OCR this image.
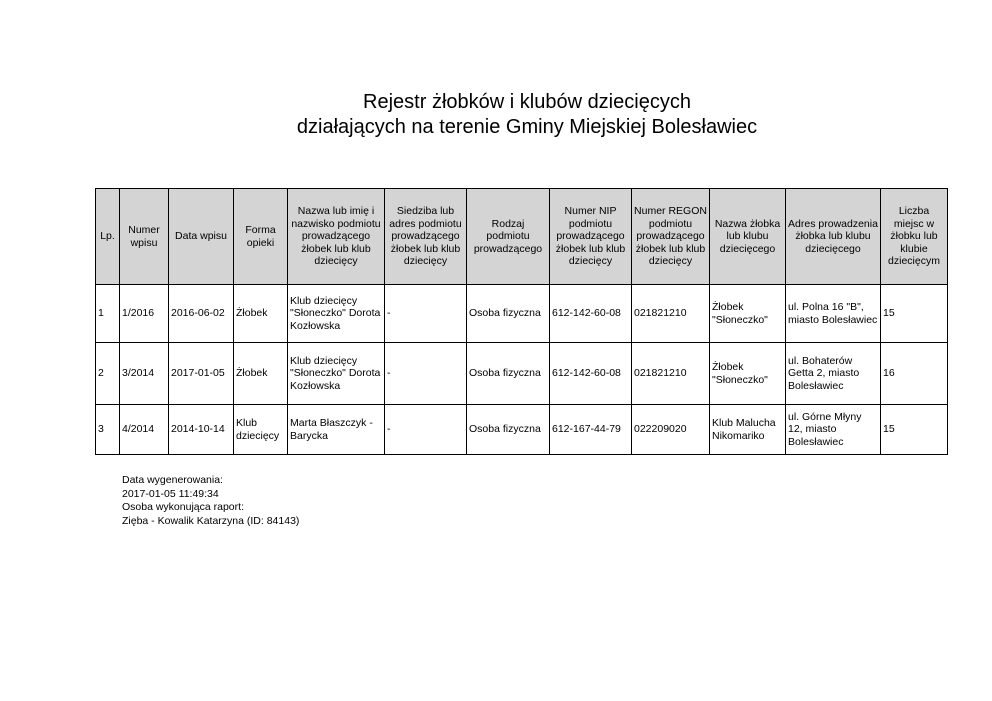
Rejestr żłobków i klubów dziecięcych
działających na terenie Gminy Miejskiej Bolesławiec
Lp.	Numer wpisu	Data wpisu	Forma opieki	Nazwa lub imię i nazwisko podmiotu prowadzącego żłobek lub klub dziecięcy	Siedziba lub adres podmiotu prowadzącego żłobek lub klub dziecięcy	Rodzaj podmiotu prowadzącego	Numer NIP podmiotu prowadzącego żłobek lub klub dziecięcy	Numer REGON podmiotu prowadzącego żłobek lub klub dziecięcy	Nazwa żłobka lub klubu dziecięcego	Adres prowadzenia żłobka lub klubu dziecięcego	Liczba miejsc w żłobku lub klubie dziecięcym
1	1/2016	2016-06-02	Żłobek	Klub dziecięcy "Słoneczko" Dorota Kozłowska	-	Osoba fizyczna	612-142-60-08	021821210	Żłobek "Słoneczko"	ul. Polna 16 "B", miasto Bolesławiec	15
2	3/2014	2017-01-05	Żłobek	Klub dziecięcy "Słoneczko" Dorota Kozłowska	-	Osoba fizyczna	612-142-60-08	021821210	Żłobek "Słoneczko"	ul. Bohaterów Getta 2, miasto Bolesławiec	16
3	4/2014	2014-10-14	Klub dziecięcy	Marta Błaszczyk - Barycka	-	Osoba fizyczna	612-167-44-79	022209020	Klub Malucha Nikomariko	ul. Górne Młyny 12, miasto Bolesławiec	15
Data wygenerowania:
2017-01-05 11:49:34
Osoba wykonująca raport:
Zięba - Kowalik Katarzyna (ID: 84143)
